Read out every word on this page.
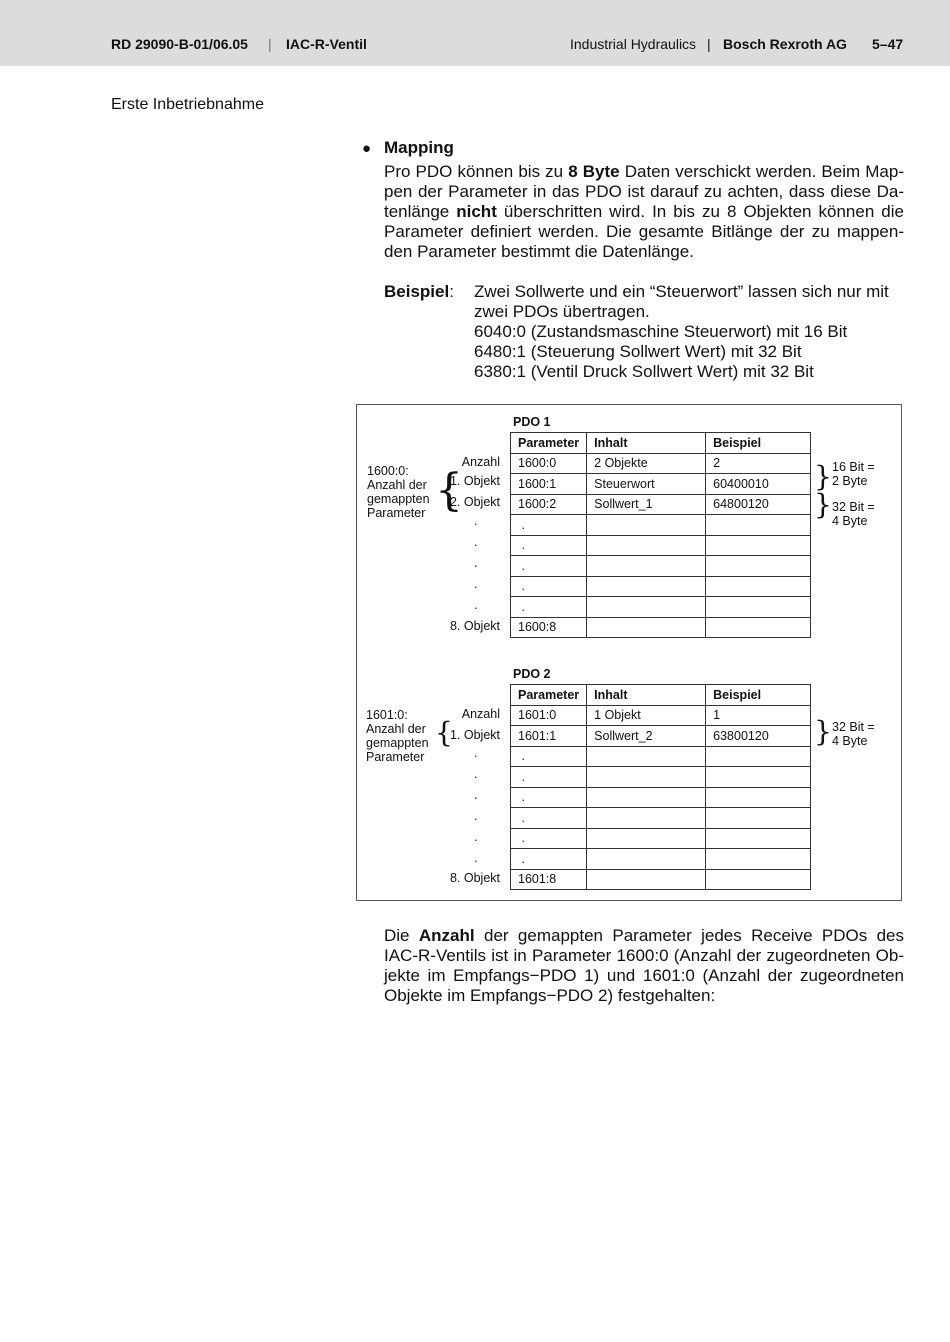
RD 29090-B-01/06.05 | IAC-R-Ventil	Industrial Hydraulics | Bosch Rexroth AG 5–47
Erste Inbetriebnahme
● Mapping
Pro PDO können bis zu 8 Byte Daten verschickt werden. Beim Map-pen der Parameter in das PDO ist darauf zu achten, dass diese Da-tenlänge nicht überschritten wird. In bis zu 8 Objekten können die Parameter definiert werden. Die gesamte Bitlänge der zu mappen-den Parameter bestimmt die Datenlänge.
Beispiel: Zwei Sollwerte und ein “Steuerwort” lassen sich nur mit
zwei PDOs übertragen.
6040:0 (Zustandsmaschine Steuerwort) mit 16 Bit
6480:1 (Steuerung Sollwert Wert) mit 32 Bit
6380:1 (Ventil Druck Sollwert Wert) mit 32 Bit
PDO 1
Parameter	Inhalt	Beispiel
1600:0	2 Objekte	2
1600:1	Steuerwort	60400010
1600:2	Sollwert_1	64800120
.		
.		
.		
.		
.		
1600:8		
1600:0:
Anzahl der
gemappten
Parameter {
Anzahl
1. Objekt
2. Objekt
.
.
.
.
.
8. Objekt
} 16 Bit =
2 Byte
} 32 Bit =
4 Byte
PDO 2
Parameter	Inhalt	Beispiel
1601:0	1 Objekt	1
1601:1	Sollwert_2	63800120
.		
.		
.		
.		
.		
.		
1601:8		
1601:0:
Anzahl der
gemappten
Parameter
{
Anzahl
1. Objekt
.
.
.
.
.
.
8. Objekt
} 32 Bit =
4 Byte
Die Anzahl der gemappten Parameter jedes Receive PDOs des IAC-R-Ventils ist in Parameter 1600:0 (Anzahl der zugeordneten Ob-jekte im Empfangs−PDO 1) und 1601:0 (Anzahl der zugeordneten Objekte im Empfangs−PDO 2) festgehalten:
